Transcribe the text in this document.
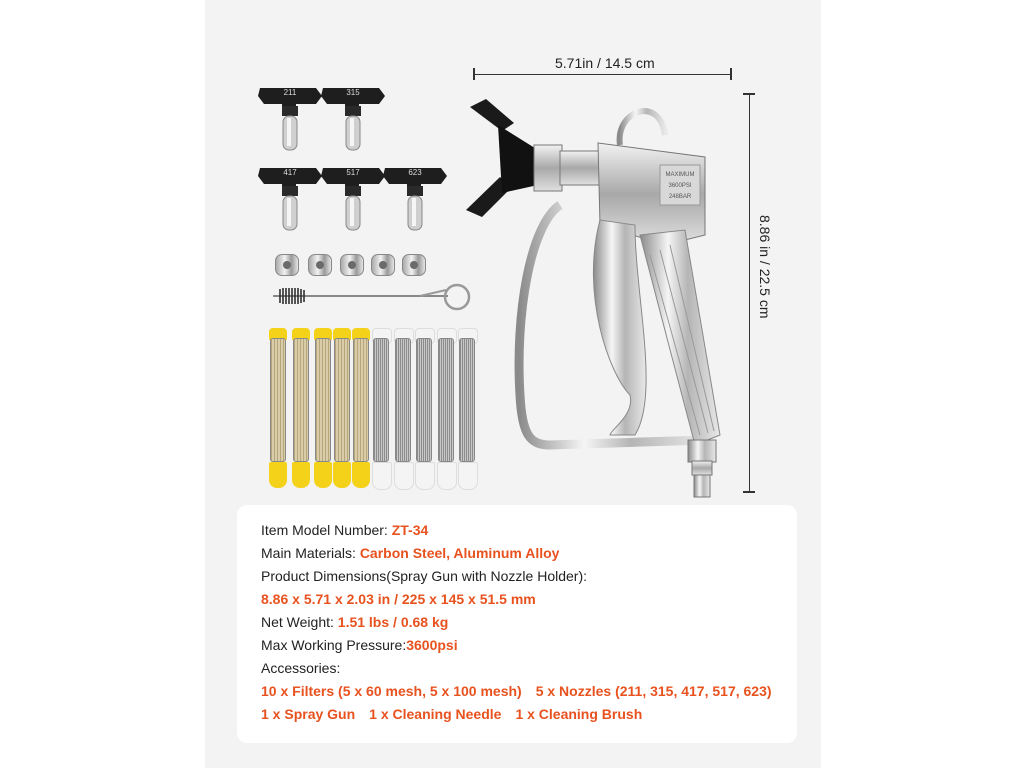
5.71in / 14.5 cm
8.86 in / 22.5 cm
211	315
417	517	623	MAXIMUM
3600PSI
248BAR
Item Model Number: ZT-34
Main Materials: Carbon Steel, Aluminum Alloy
Product Dimensions(Spray Gun with Nozzle Holder):
8.86 x 5.71 x 2.03 in / 225 x 145 x 51.5 mm
Net Weight: 1.51 lbs / 0.68 kg
Max Working Pressure:3600psi
Accessories:
10 x Filters (5 x 60 mesh, 5 x 100 mesh) 5 x Nozzles (211, 315, 417, 517, 623)
1 x Spray Gun 1 x Cleaning Needle 1 x Cleaning Brush
